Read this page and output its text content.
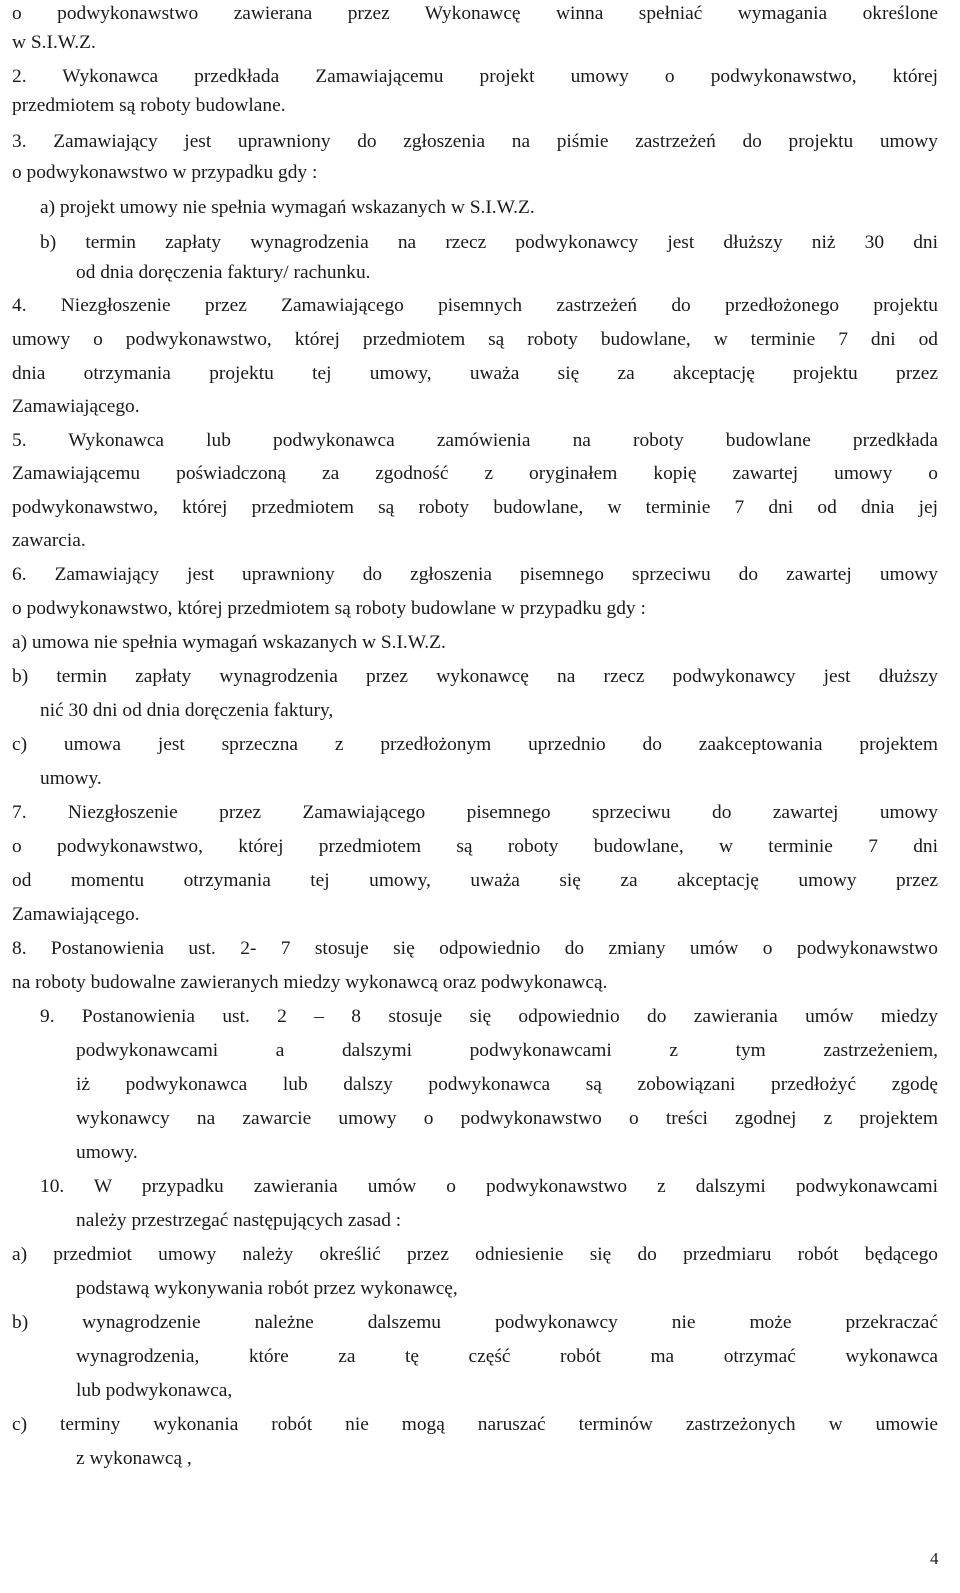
o podwykonawstwo zawierana przez Wykonawcę winna spełniać wymagania określone

w S.I.W.Z.

2. Wykonawca przedkłada Zamawiającemu projekt umowy o podwykonawstwo, której

przedmiotem są roboty budowlane.

3. Zamawiający jest uprawniony do zgłoszenia na piśmie zastrzeżeń do projektu umowy

o podwykonawstwo w przypadku gdy :

a) projekt umowy nie spełnia wymagań wskazanych w S.I.W.Z.

b) termin zapłaty wynagrodzenia na rzecz podwykonawcy jest dłuższy niż 30 dni

od dnia doręczenia faktury/ rachunku.

4. Niezgłoszenie przez Zamawiającego pisemnych zastrzeżeń do przedłożonego projektu

umowy o podwykonawstwo, której przedmiotem są roboty budowlane, w terminie 7 dni od

dnia otrzymania projektu tej umowy, uważa się za akceptację projektu przez

Zamawiającego.

5. Wykonawca lub podwykonawca zamówienia na roboty budowlane przedkłada

Zamawiającemu poświadczoną za zgodność z oryginałem kopię zawartej umowy o

podwykonawstwo, której przedmiotem są roboty budowlane, w terminie 7 dni od dnia jej

zawarcia.

6. Zamawiający jest uprawniony do zgłoszenia pisemnego sprzeciwu do zawartej umowy

o podwykonawstwo, której przedmiotem są roboty budowlane w przypadku gdy :

a) umowa nie spełnia wymagań wskazanych w S.I.W.Z.

b) termin zapłaty wynagrodzenia przez wykonawcę na rzecz podwykonawcy jest dłuższy

nić 30 dni od dnia doręczenia faktury,

c) umowa jest sprzeczna z przedłożonym uprzednio do zaakceptowania projektem

umowy.

7. Niezgłoszenie przez Zamawiającego pisemnego sprzeciwu do zawartej umowy

o podwykonawstwo, której przedmiotem są roboty budowlane, w terminie 7 dni

od momentu otrzymania tej umowy, uważa się za akceptację umowy przez

Zamawiającego.

8. Postanowienia ust. 2- 7 stosuje się odpowiednio do zmiany umów o podwykonawstwo

na roboty budowalne zawieranych miedzy wykonawcą oraz podwykonawcą.

9. Postanowienia ust. 2 – 8 stosuje się odpowiednio do zawierania umów miedzy

podwykonawcami a dalszymi podwykonawcami z tym zastrzeżeniem,

iż podwykonawca lub dalszy podwykonawca są zobowiązani przedłożyć zgodę

wykonawcy na zawarcie umowy o podwykonawstwo o treści zgodnej z projektem

umowy.

10. W przypadku zawierania umów o podwykonawstwo z dalszymi podwykonawcami

należy przestrzegać następujących zasad :

a) przedmiot umowy należy określić przez odniesienie się do przedmiaru robót będącego

podstawą wykonywania robót przez wykonawcę,

b) wynagrodzenie należne dalszemu podwykonawcy nie może przekraczać

wynagrodzenia, które za tę część robót ma otrzymać wykonawca

lub podwykonawca,

c) terminy wykonania robót nie mogą naruszać terminów zastrzeżonych w umowie

z wykonawcą ,

4
